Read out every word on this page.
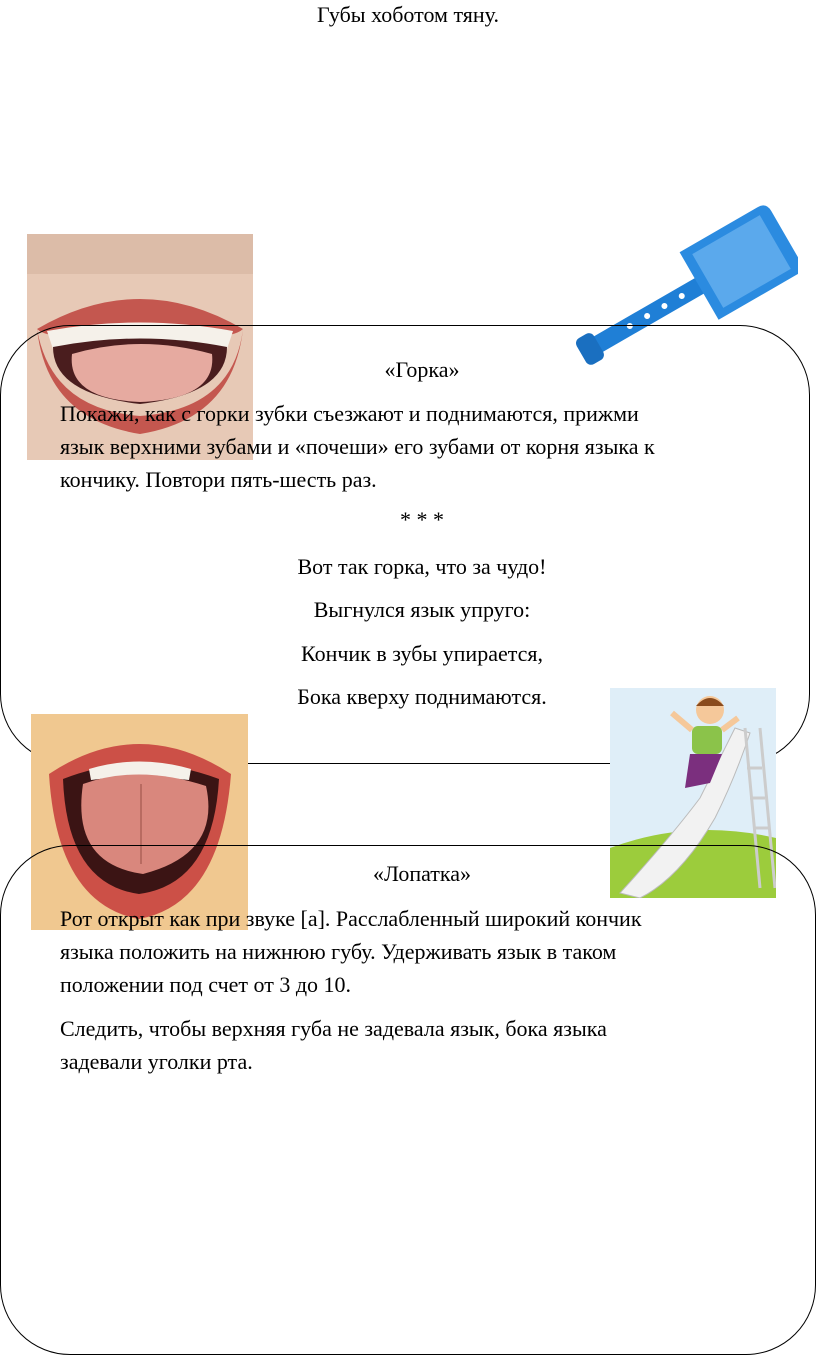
Губы хоботом тяну.
«Горка»
Покажи, как с горки зубки съезжают и поднимаются, прижми
язык верхними зубами и «почеши» его зубами от корня языка к
кончику. Повтори пять-шесть раз.
* * *
Вот так горка, что за чудо!
Выгнулся язык упруго:
Кончик в зубы упирается,
Бока кверху поднимаются.
«Лопатка»
Рот открыт как при звуке [а]. Расслабленный широкий кончик
языка положить на нижнюю губу. Удерживать язык в таком
положении под счет от 3 до 10.
Следить, чтобы верхняя губа не задевала язык, бока языка
задевали уголки рта.
